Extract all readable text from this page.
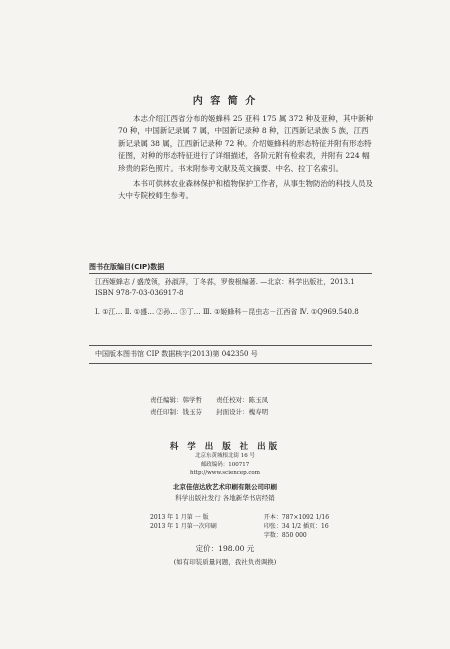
内 容 简 介

本志介绍江西省分布的姬蜂科 25 亚科 175 属 372 种及亚种，其中新种 70 种，中国新记录属 7 属，中国新记录种 8 种，江西新记录族 5 族，江西新记录属 38 属，江西新记录种 72 种。介绍姬蜂科的形态特征并附有形态特征图，对种的形态特征进行了详细描述，各阶元附有检索表，并附有 224 幅珍贵的彩色照片。书末附参考文献及英文摘要、中名、拉丁名索引。

本书可供林农业森林保护和植物保护工作者，从事生物防治的科技人员及大中专院校师生参考。

图书在版编目(CIP)数据

江西姬蜂志 / 盛茂领，孙淑萍，丁冬荪，罗俊根编著. —北京：科学出版社，2013.1

ISBN 978-7-03-036917-8

Ⅰ. ①江… Ⅱ. ①盛… ②孙… ③丁… Ⅲ. ①姬蜂科－昆虫志－江西省 Ⅳ. ①Q969.540.8

中国版本图书馆 CIP 数据核字(2013)第 042350 号

责任编辑：韩学哲 责任校对：陈玉凤
责任印制：钱玉芬 封面设计：槐寿明
科 学 出 版 社 出版
北京东黄城根北街 16 号
邮政编码：100717
http://www.sciencep.com
北京佳信达欣艺术印刷有限公司印刷
科学出版社发行 各地新华书店经销
2013 年 1 月第 一 版	开本：787×1092 1/16
2013 年 1 月第一次印刷	印张：34 1/2 插页：16
字数：850 000
定价：198.00 元
(如有印装质量问题，我社负责调换)
